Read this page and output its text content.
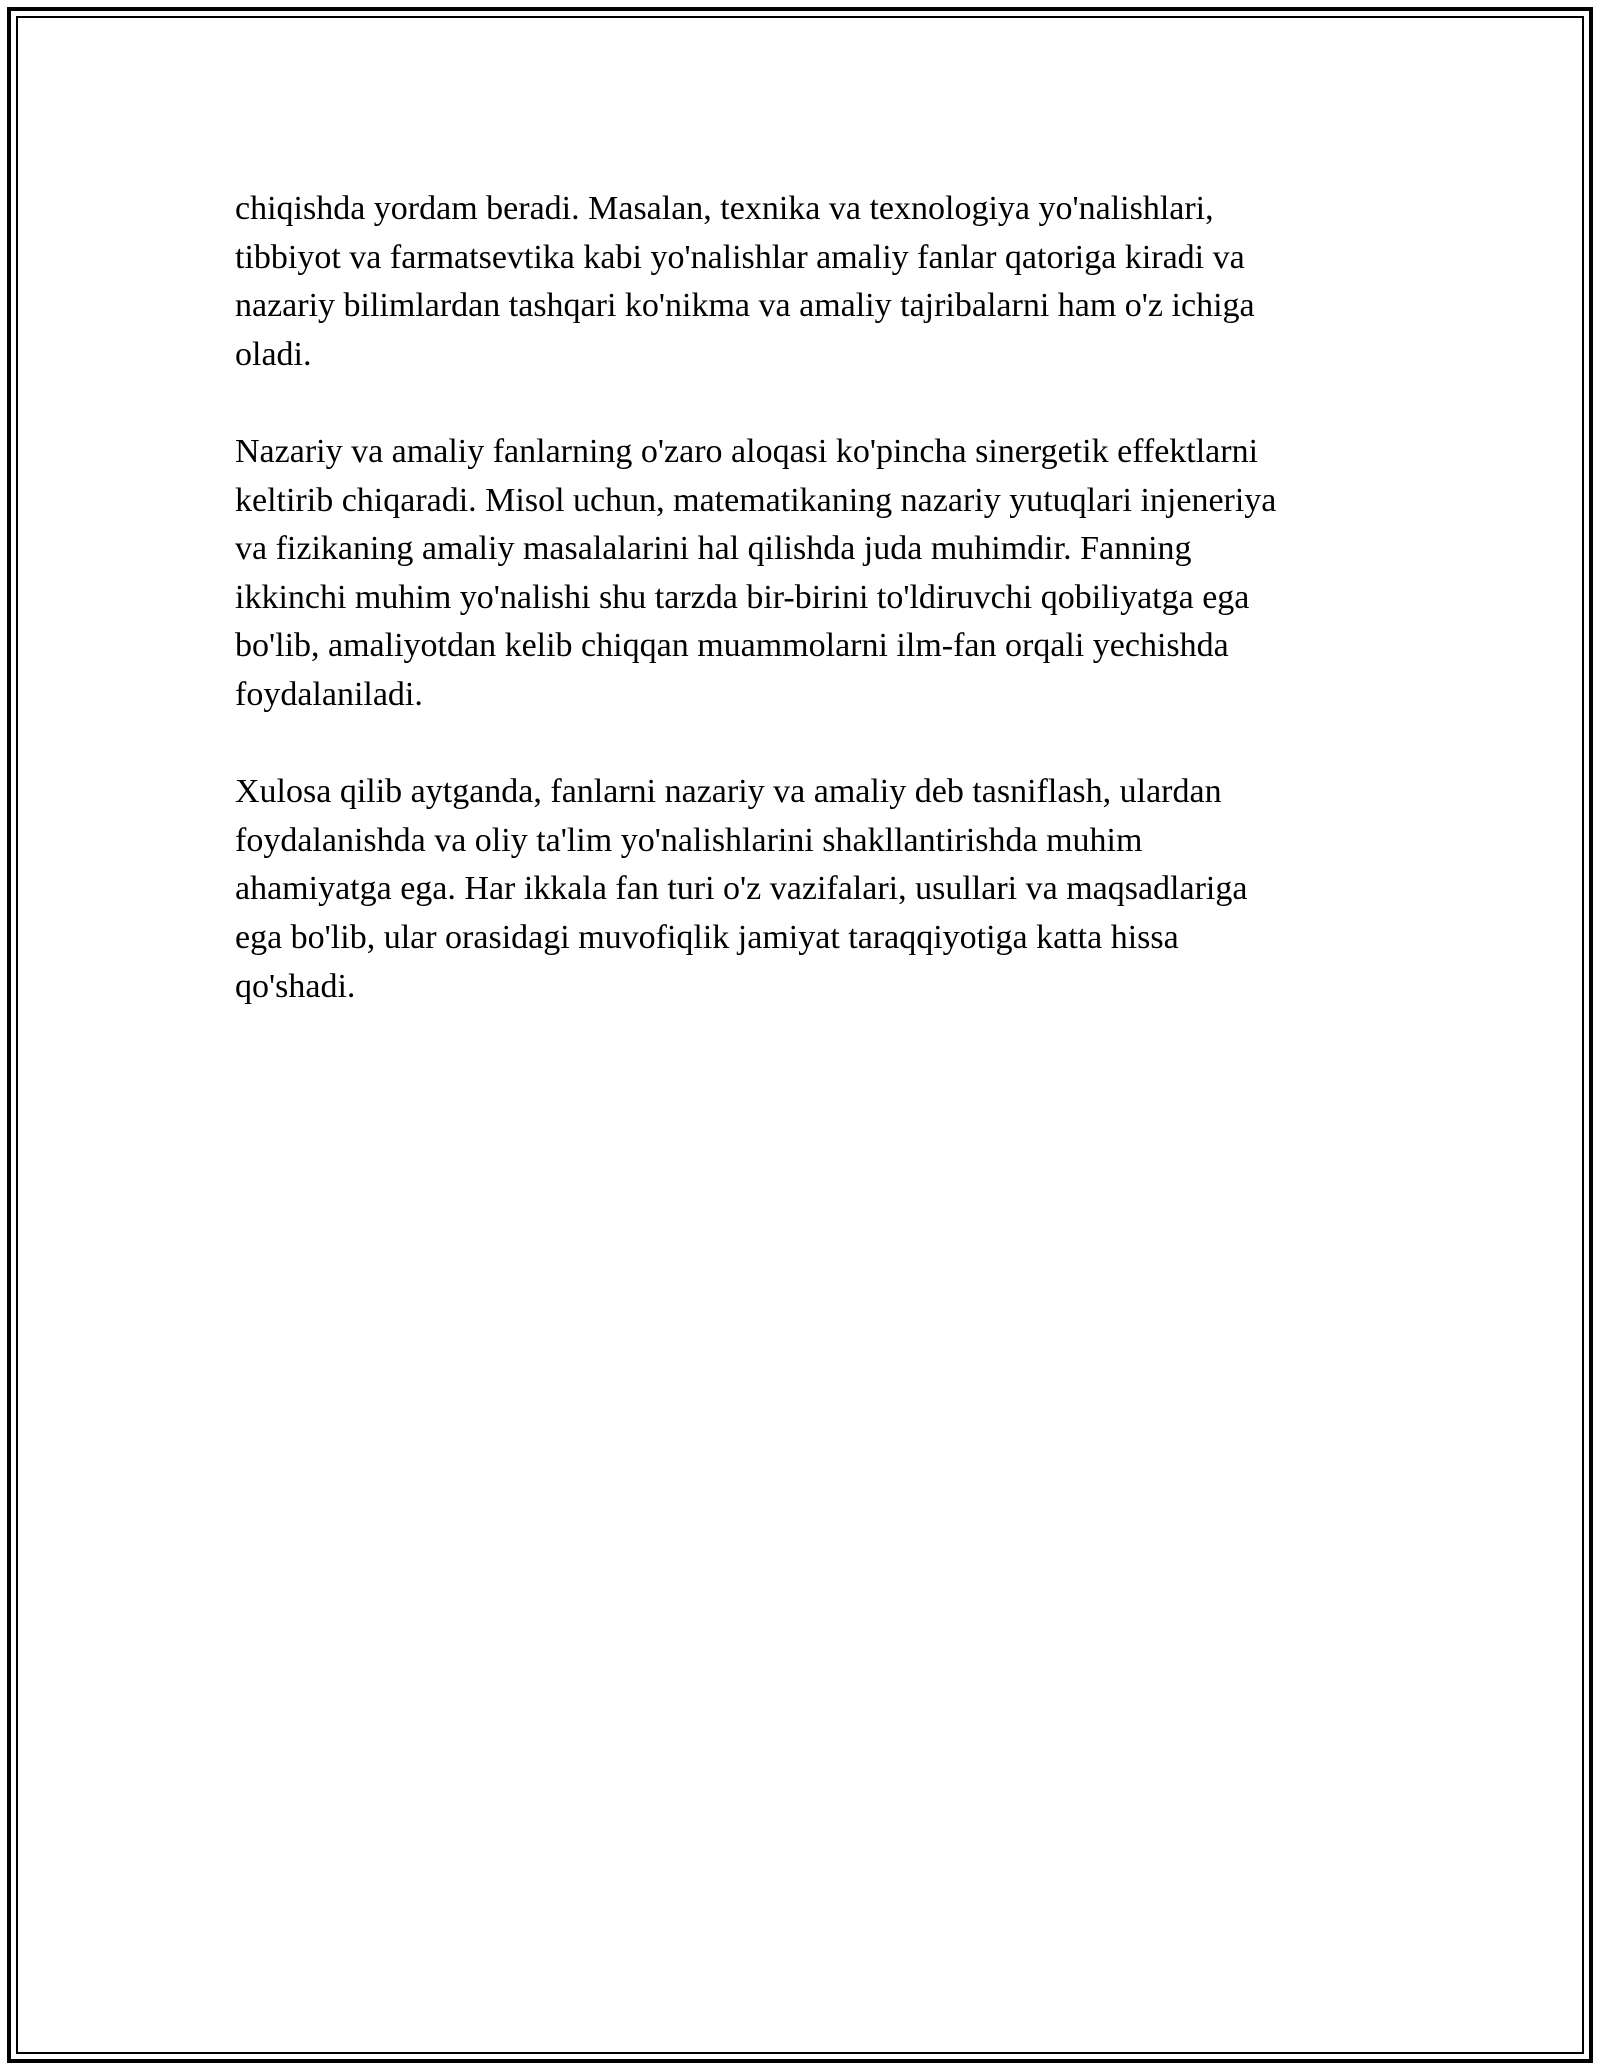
chiqishda yordam beradi. Masalan, texnika va texnologiya yo'nalishlari,
tibbiyot va farmatsevtika kabi yo'nalishlar amaliy fanlar qatoriga kiradi va
nazariy bilimlardan tashqari ko'nikma va amaliy tajribalarni ham o'z ichiga
oladi.

Nazariy va amaliy fanlarning o'zaro aloqasi ko'pincha sinergetik effektlarni
keltirib chiqaradi. Misol uchun, matematikaning nazariy yutuqlari injeneriya
va fizikaning amaliy masalalarini hal qilishda juda muhimdir. Fanning
ikkinchi muhim yo'nalishi shu tarzda bir-birini to'ldiruvchi qobiliyatga ega
bo'lib, amaliyotdan kelib chiqqan muammolarni ilm-fan orqali yechishda
foydalaniladi.

Xulosa qilib aytganda, fanlarni nazariy va amaliy deb tasniflash, ulardan
foydalanishda va oliy ta'lim yo'nalishlarini shakllantirishda muhim
ahamiyatga ega. Har ikkala fan turi o'z vazifalari, usullari va maqsadlariga
ega bo'lib, ular orasidagi muvofiqlik jamiyat taraqqiyotiga katta hissa
qo'shadi.
